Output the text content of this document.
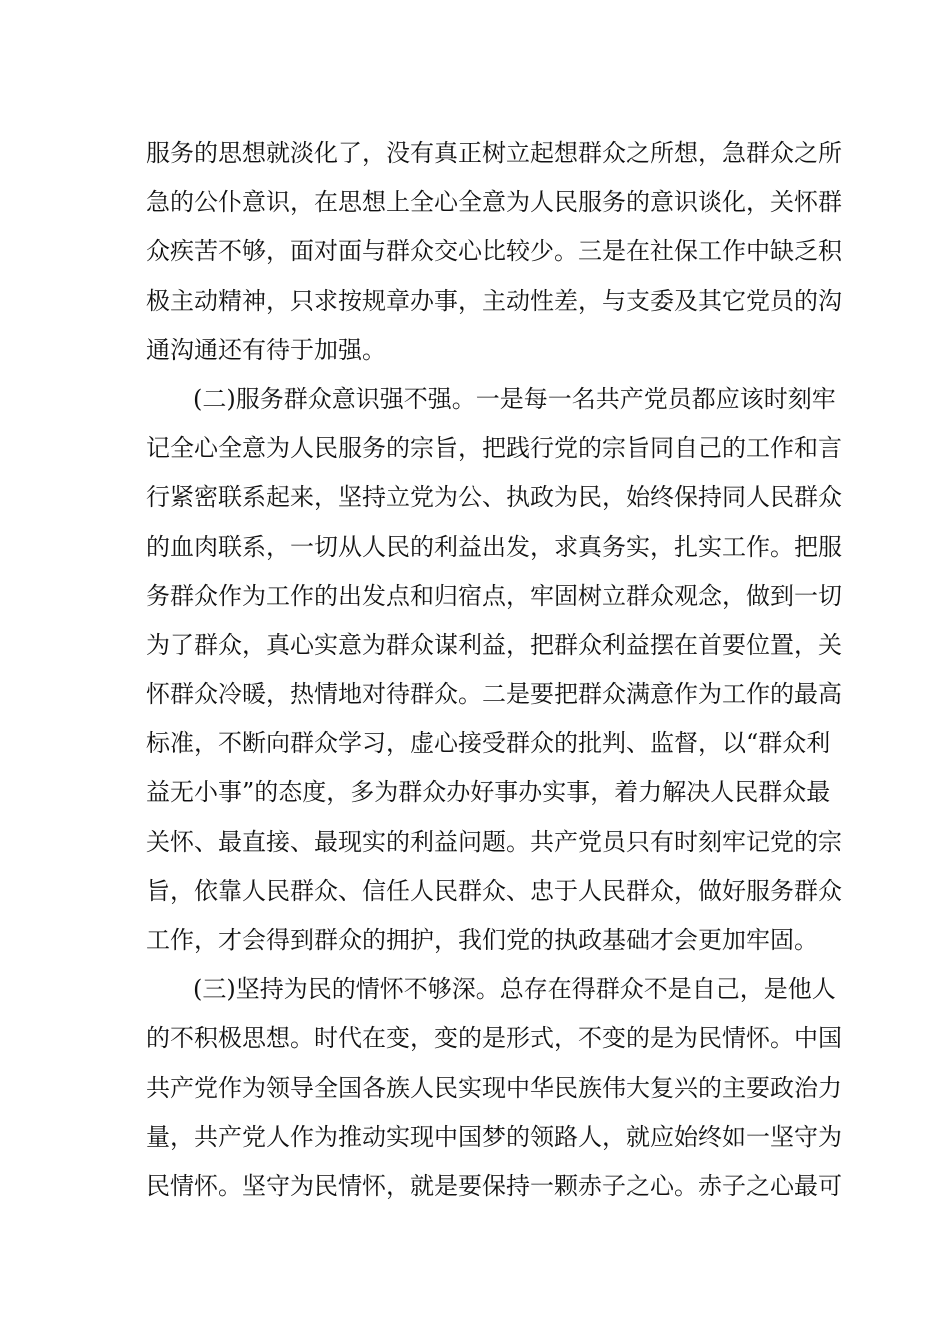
服务的思想就淡化了，没有真正树立起想群众之所想，急群众之所
急的公仆意识，在思想上全心全意为人民服务的意识谈化，关怀群
众疾苦不够，面对面与群众交心比较少。三是在社保工作中缺乏积
极主动精神，只求按规章办事，主动性差，与支委及其它党员的沟
通沟通还有待于加强。
(二)服务群众意识强不强。一是每一名共产党员都应该时刻牢
记全心全意为人民服务的宗旨，把践行党的宗旨同自己的工作和言
行紧密联系起来，坚持立党为公、执政为民，始终保持同人民群众
的血肉联系，一切从人民的利益出发，求真务实，扎实工作。把服
务群众作为工作的出发点和归宿点，牢固树立群众观念，做到一切
为了群众，真心实意为群众谋利益，把群众利益摆在首要位置，关
怀群众冷暖，热情地对待群众。二是要把群众满意作为工作的最高
标准，不断向群众学习，虚心接受群众的批判、监督，以“群众利
益无小事”的态度，多为群众办好事办实事，着力解决人民群众最
关怀、最直接、最现实的利益问题。共产党员只有时刻牢记党的宗
旨，依靠人民群众、信任人民群众、忠于人民群众，做好服务群众
工作，才会得到群众的拥护，我们党的执政基础才会更加牢固。
(三)坚持为民的情怀不够深。总存在得群众不是自己，是他人
的不积极思想。时代在变，变的是形式，不变的是为民情怀。中国
共产党作为领导全国各族人民实现中华民族伟大复兴的主要政治力
量，共产党人作为推动实现中国梦的领路人，就应始终如一坚守为
民情怀。坚守为民情怀，就是要保持一颗赤子之心。赤子之心最可
